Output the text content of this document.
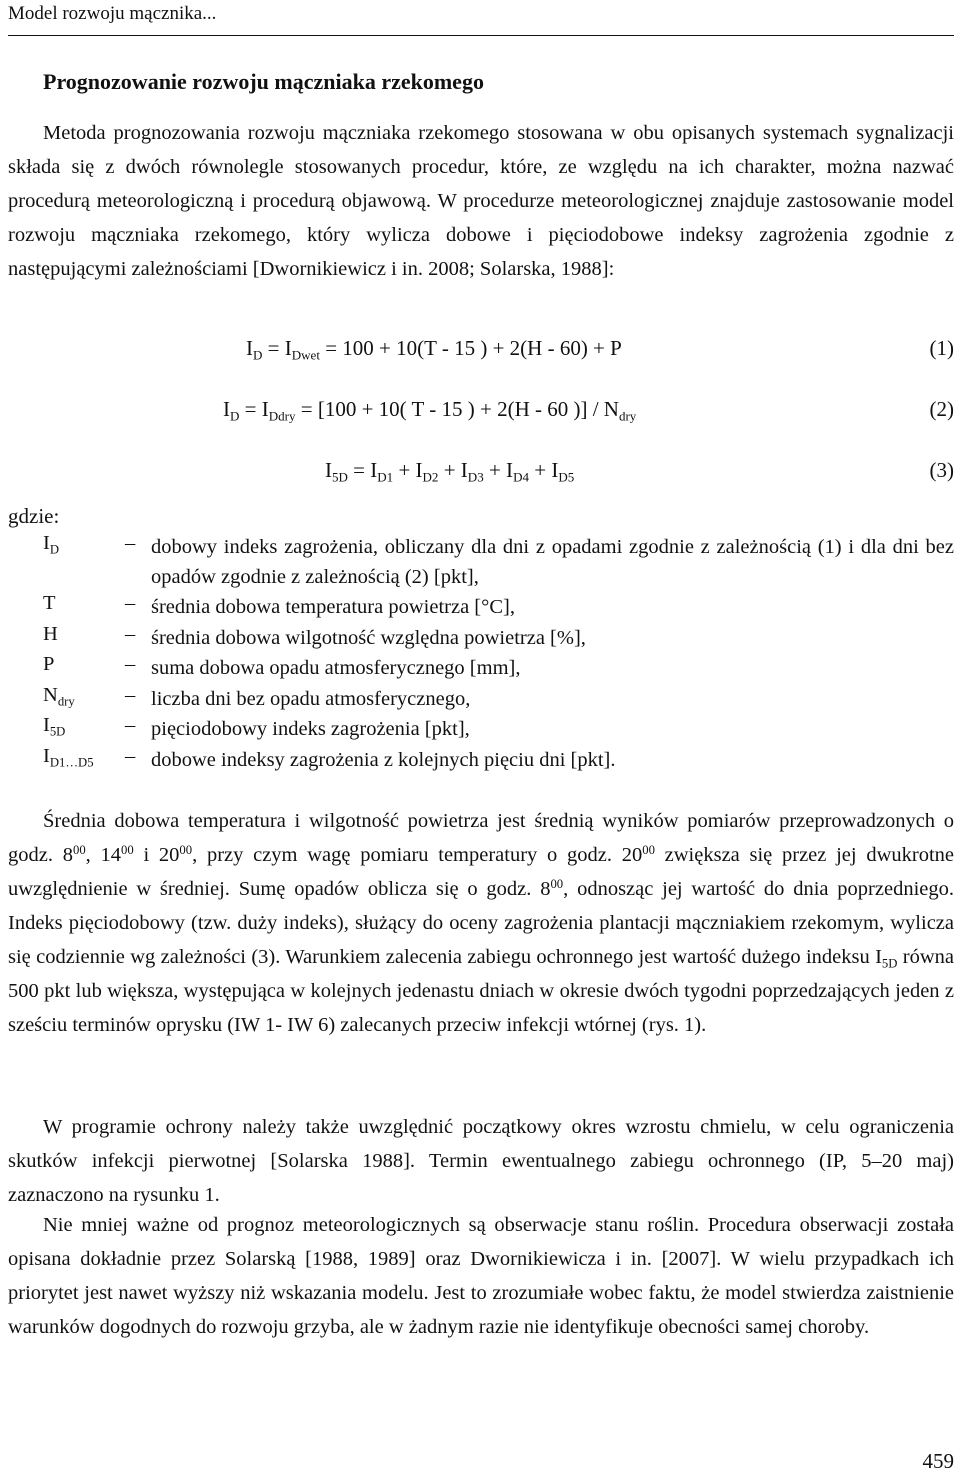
Model rozwoju mącznika...
Prognozowanie rozwoju mączniaka rzekomego

Metoda prognozowania rozwoju mączniaka rzekomego stosowana w obu opisanych systemach sygnalizacji składa się z dwóch równolegle stosowanych procedur, które, ze względu na ich charakter, można nazwać procedurą meteorologiczną i procedurą objawową. W procedurze meteorologicznej znajduje zastosowanie model rozwoju mączniaka rzekomego, który wylicza dobowe i pięciodobowe indeksy zagrożenia zgodnie z następującymi zależnościami [Dwornikiewicz i in. 2008; Solarska, 1988]:

$I_D = I_{Dwet} = 100 + 10(T - 15$ ) + 2(H - 60) + P	(1)
$I_D = I_{Ddry} = [100 + 10$( T - 15 ) + 2(H - 60 )] / $N_{dry}$	(2)
$I_{5D} = I_{D1} + I_{D2} + I_{D3} + I_{D4} + I_{D5}$	(3)
gdzie:
$I_D$	– dobowy indeks zagrożenia, obliczany dla dni z opadami zgodnie z zależnością (1) i dla dni bez opadów zgodnie z zależnością (2) [pkt],
T	– średnia dobowa temperatura powietrza [°C],
H	– średnia dobowa wilgotność względna powietrza [%],
P	– suma dobowa opadu atmosferycznego [mm],
$N_{dry}$ – liczba dni bez opadu atmosferycznego,
$I_{5D}$	– pięciodobowy indeks zagrożenia [pkt],
$I_{D1\dots D5}$ – dobowe indeksy zagrożenia z kolejnych pięciu dni [pkt].

Średnia dobowa temperatura i wilgotność powietrza jest średnią wyników pomiarów przeprowadzonych o godz. $8^{00}$, $14^{00}$ i $20^{00}$, przy czym wagę pomiaru temperatury o godz. $20^{00}$ zwiększa się przez jej dwukrotne uwzględnienie w średniej. Sumę opadów oblicza się o godz. $8^{00}$, odnosząc jej wartość do dnia poprzedniego. Indeks pięciodobowy (tzw. duży indeks), służący do oceny zagrożenia plantacji mączniakiem rzekomym, wylicza się codziennie wg zależności (3). Warunkiem zalecenia zabiegu ochronnego jest wartość dużego indeksu $I_{5D}$ równa 500 pkt lub większa, występująca w kolejnych jedenastu dniach w okresie dwóch tygodni poprzedzających jeden z sześciu terminów oprysku (IW 1- IW 6) zalecanych przeciw infekcji wtórnej (rys. 1).

W programie ochrony należy także uwzględnić początkowy okres wzrostu chmielu, w celu ograniczenia skutków infekcji pierwotnej [Solarska 1988]. Termin ewentualnego zabiegu ochronnego (IP, 5–20 maj) zaznaczono na rysunku 1.

Nie mniej ważne od prognoz meteorologicznych są obserwacje stanu roślin. Procedura obserwacji została opisana dokładnie przez Solarską [1988, 1989] oraz Dwornikiewicza i in. [2007]. W wielu przypadkach ich priorytet jest nawet wyższy niż wskazania modelu. Jest to zrozumiałe wobec faktu, że model stwierdza zaistnienie warunków dogodnych do rozwoju grzyba, ale w żadnym razie nie identyfikuje obecności samej choroby.

459
